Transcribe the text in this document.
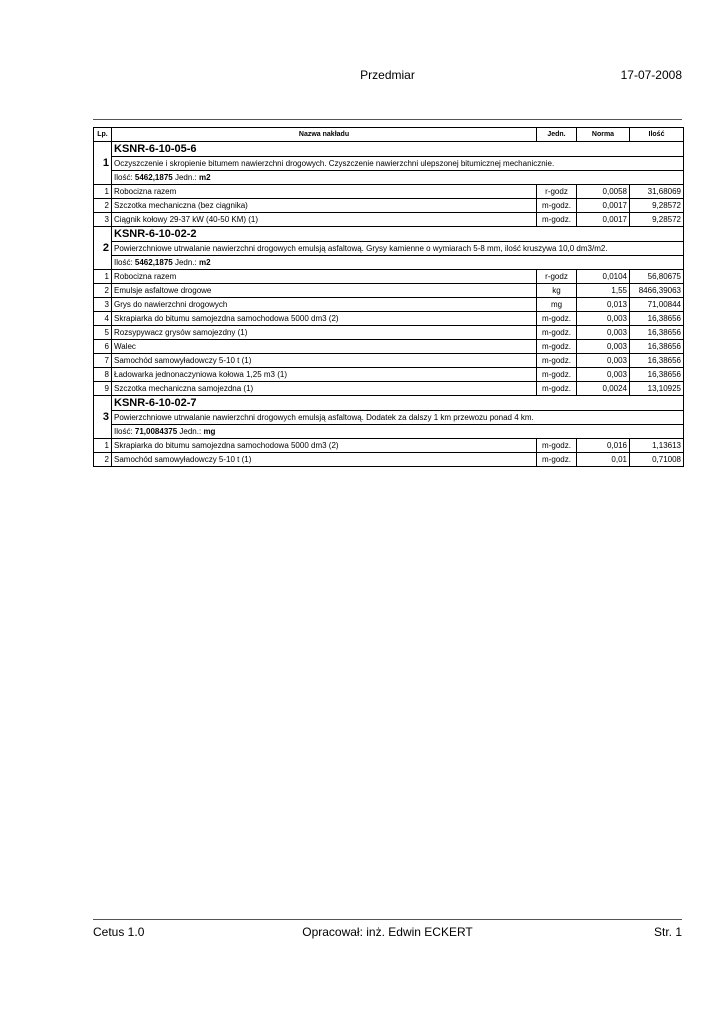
Przedmiar	17-07-2008
Lp.	Nazwa nakładu	Jedn.	Norma	Ilość
1	KSNR-6-10-05-6			
	Oczyszczenie i skropienie bitumem nawierzchni drogowych. Czyszczenie nawierzchni ulepszonej bitumicznej mechanicznie.			
	Ilość: 5462,1875 Jedn.: m2			
1	Robocizna razem	r-godz	0,0058	31,68069
2	Szczotka mechaniczna (bez ciągnika)	m-godz.	0,0017	9,28572
3	Ciągnik kołowy 29-37 kW (40-50 KM) (1)	m-godz.	0,0017	9,28572
2	KSNR-6-10-02-2			
	Powierzchniowe utrwalanie nawierzchni drogowych emulsją asfaltową. Grysy kamienne o wymiarach 5-8 mm, ilość kruszywa 10,0 dm3/m2.			
	Ilość: 5462,1875 Jedn.: m2			
1	Robocizna razem	r-godz	0,0104	56,80675
2	Emulsje asfaltowe drogowe	kg	1,55	8466,39063
3	Grys do nawierzchni drogowych	mg	0,013	71,00844
4	Skrapiarka do bitumu samojezdna samochodowa 5000 dm3 (2)	m-godz.	0,003	16,38656
5	Rozsypywacz grysów samojezdny (1)	m-godz.	0,003	16,38656
6	Walec	m-godz.	0,003	16,38656
7	Samochód samowyładowczy 5-10 t (1)	m-godz.	0,003	16,38656
8	Ładowarka jednonaczyniowa kołowa 1,25 m3 (1)	m-godz.	0,003	16,38656
9	Szczotka mechaniczna samojezdna (1)	m-godz.	0,0024	13,10925
3	KSNR-6-10-02-7			
	Powierzchniowe utrwalanie nawierzchni drogowych emulsją asfaltową. Dodatek za dalszy 1 km przewozu ponad 4 km.			
	Ilość: 71,0084375 Jedn.: mg			
1	Skrapiarka do bitumu samojezdna samochodowa 5000 dm3 (2)	m-godz.	0,016	1,13613
2	Samochód samowyładowczy 5-10 t (1)	m-godz.	0,01	0,71008
Cetus 1.0	Opracował: inż. Edwin ECKERT	Str. 1
